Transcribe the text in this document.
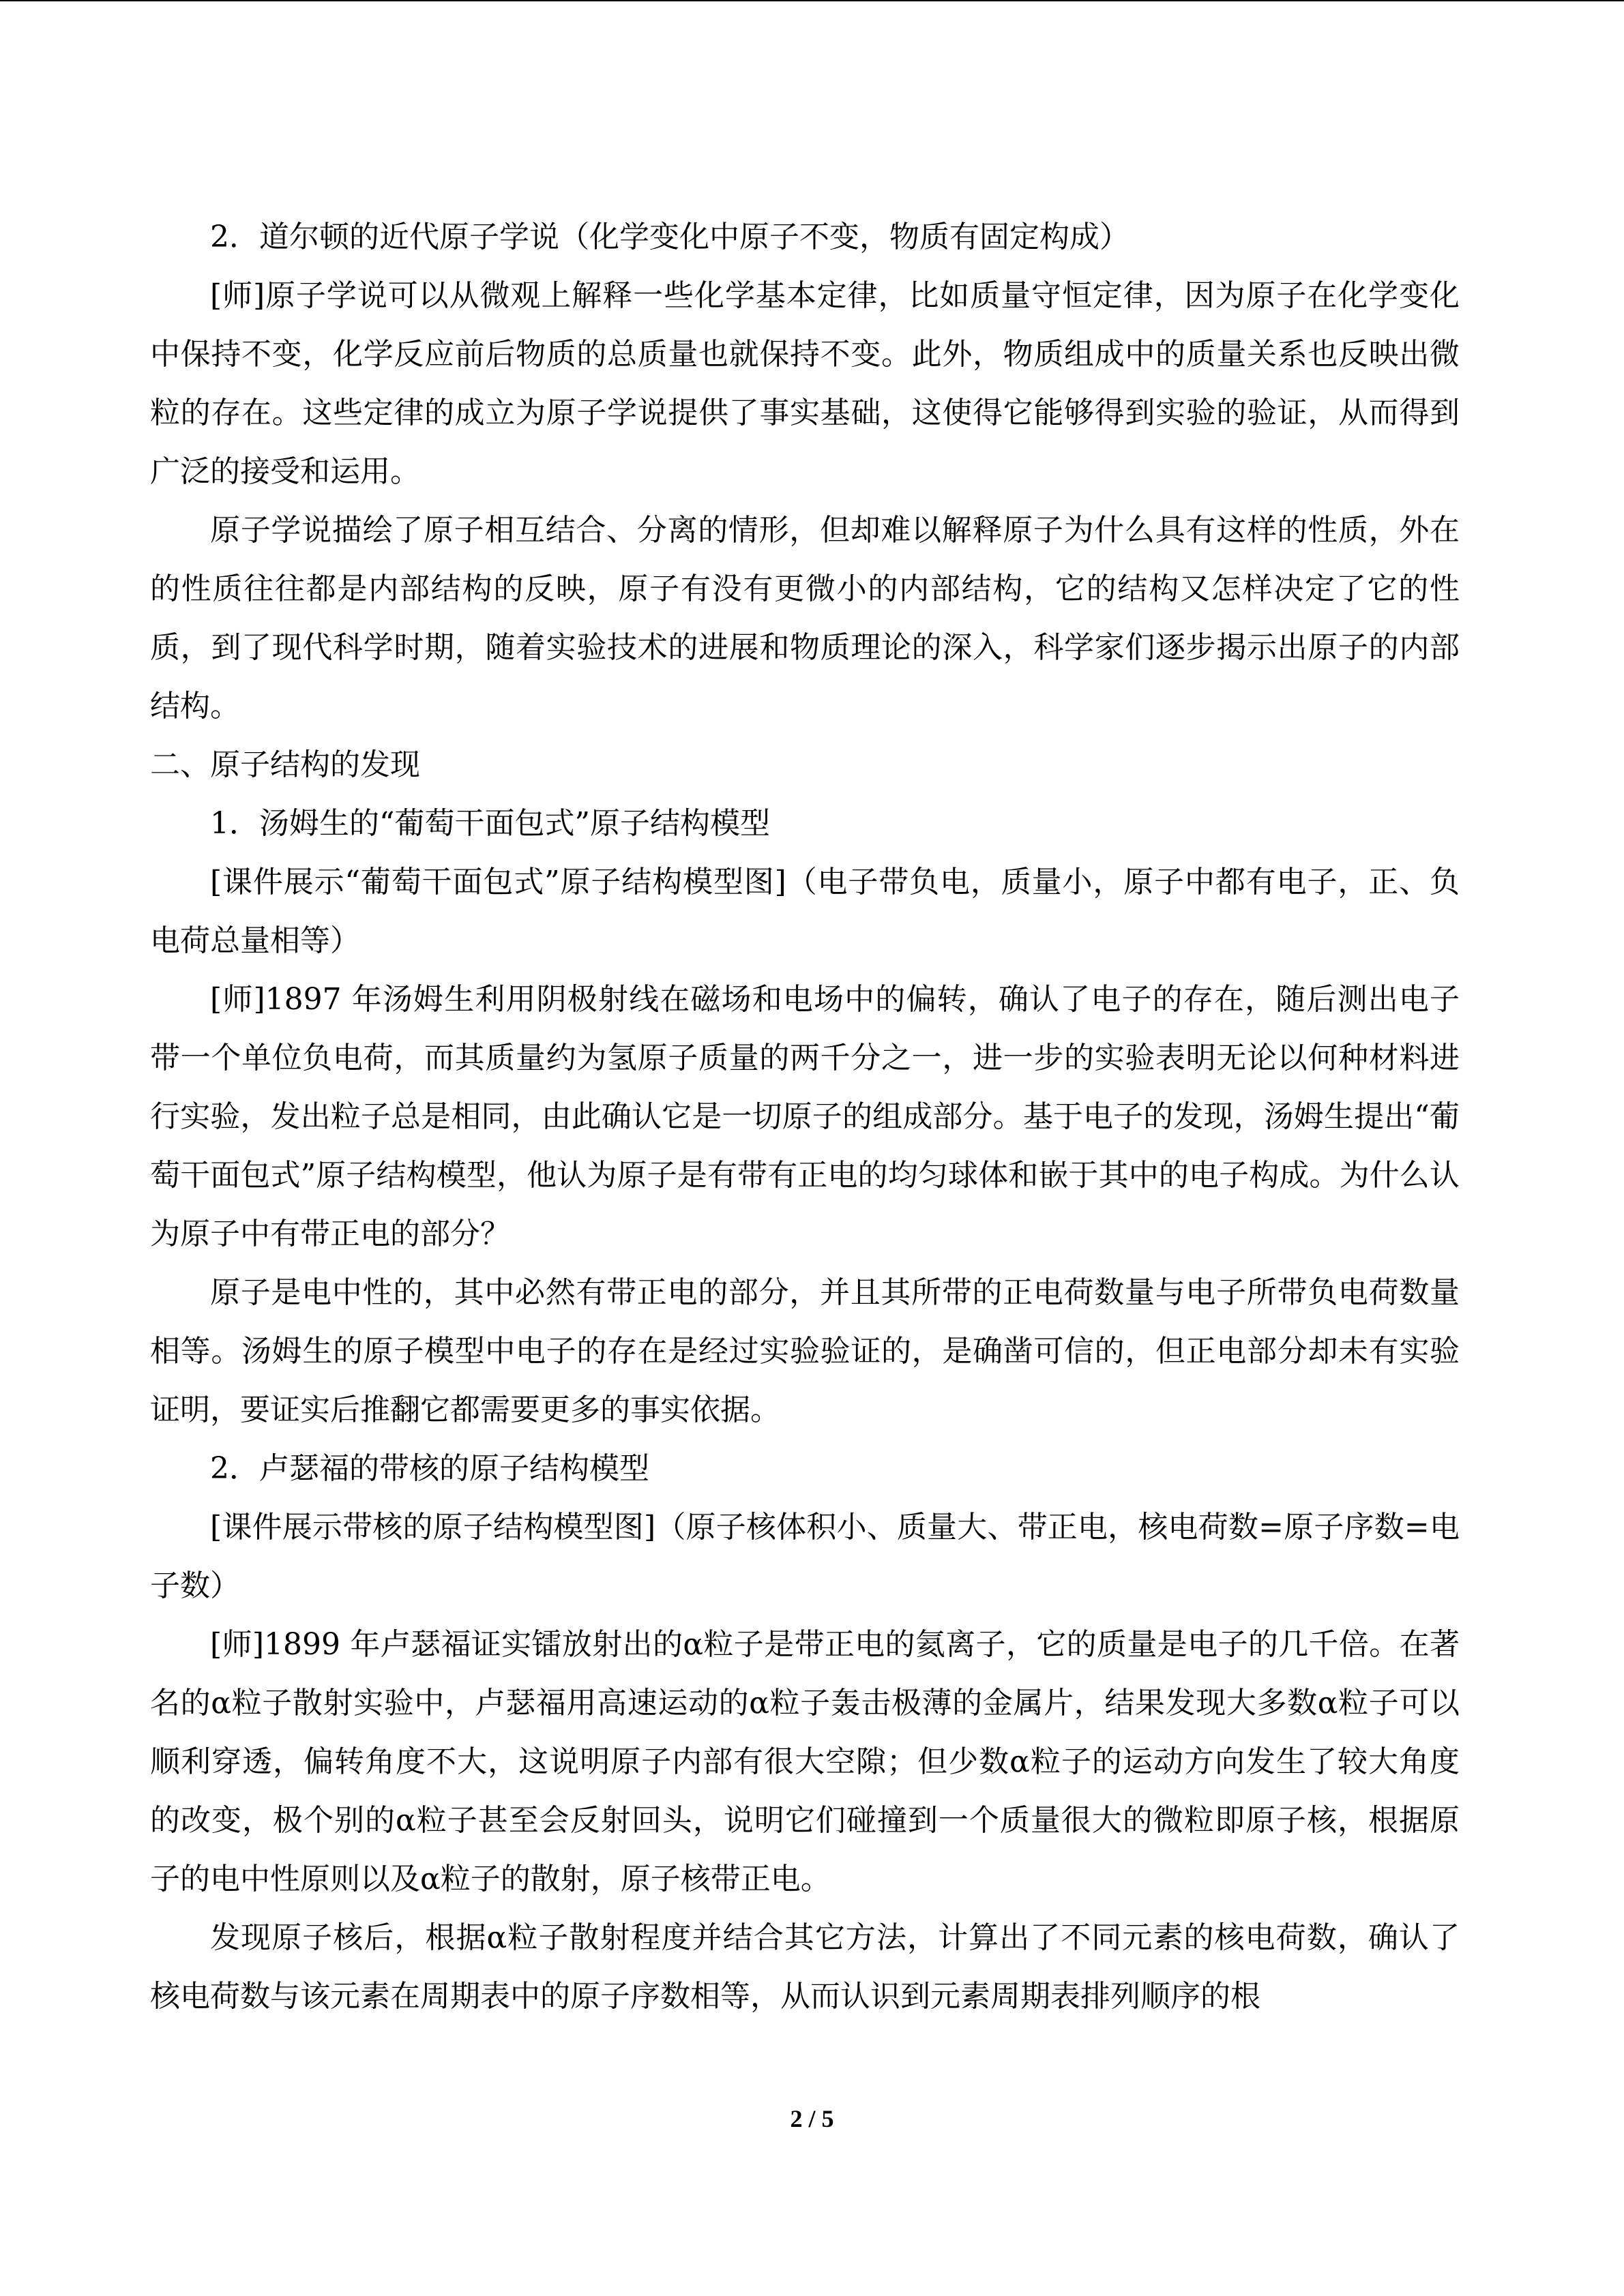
2．道尔顿的近代原子学说（化学变化中原子不变，物质有固定构成）

[师]原子学说可以从微观上解释一些化学基本定律，比如质量守恒定律，因为原子在化学变化中保持不变，化学反应前后物质的总质量也就保持不变。此外，物质组成中的质量关系也反映出微粒的存在。这些定律的成立为原子学说提供了事实基础，这使得它能够得到实验的验证，从而得到广泛的接受和运用。

原子学说描绘了原子相互结合、分离的情形，但却难以解释原子为什么具有这样的性质，外在的性质往往都是内部结构的反映，原子有没有更微小的内部结构，它的结构又怎样决定了它的性质，到了现代科学时期，随着实验技术的进展和物质理论的深入，科学家们逐步揭示出原子的内部结构。

二、原子结构的发现

1．汤姆生的“葡萄干面包式”原子结构模型

[课件展示“葡萄干面包式”原子结构模型图]（电子带负电，质量小，原子中都有电子，正、负电荷总量相等）

[师]1897 年汤姆生利用阴极射线在磁场和电场中的偏转，确认了电子的存在，随后测出电子带一个单位负电荷，而其质量约为氢原子质量的两千分之一，进一步的实验表明无论以何种材料进行实验，发出粒子总是相同，由此确认它是一切原子的组成部分。基于电子的发现，汤姆生提出“葡萄干面包式”原子结构模型，他认为原子是有带有正电的均匀球体和嵌于其中的电子构成。为什么认为原子中有带正电的部分？

原子是电中性的，其中必然有带正电的部分，并且其所带的正电荷数量与电子所带负电荷数量相等。汤姆生的原子模型中电子的存在是经过实验验证的，是确凿可信的，但正电部分却未有实验证明，要证实后推翻它都需要更多的事实依据。

2．卢瑟福的带核的原子结构模型

[课件展示带核的原子结构模型图]（原子核体积小、质量大、带正电，核电荷数=原子序数=电子数）

[师]1899 年卢瑟福证实镭放射出的α粒子是带正电的氦离子，它的质量是电子的几千倍。在著名的α粒子散射实验中，卢瑟福用高速运动的α粒子轰击极薄的金属片，结果发现大多数α粒子可以顺利穿透，偏转角度不大，这说明原子内部有很大空隙；但少数α粒子的运动方向发生了较大角度的改变，极个别的α粒子甚至会反射回头，说明它们碰撞到一个质量很大的微粒即原子核，根据原子的电中性原则以及α粒子的散射，原子核带正电。

发现原子核后，根据α粒子散射程度并结合其它方法，计算出了不同元素的核电荷数，确认了核电荷数与该元素在周期表中的原子序数相等，从而认识到元素周期表排列顺序的根

2 / 5
